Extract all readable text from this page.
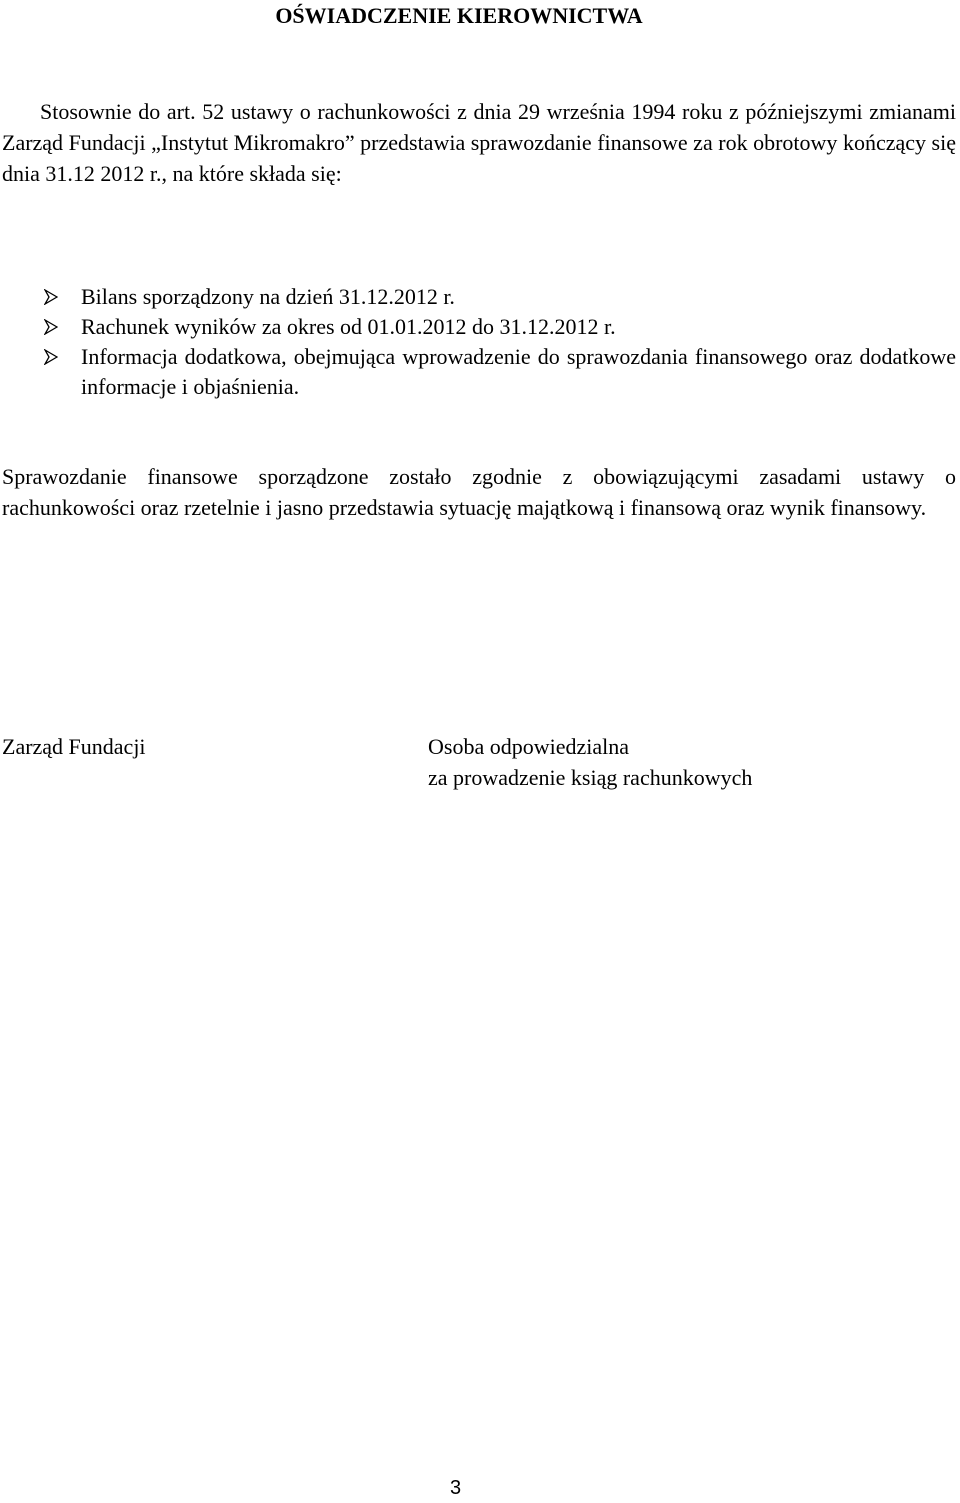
OŚWIADCZENIE KIEROWNICTWA

Stosownie do art. 52 ustawy o rachunkowości z dnia 29 września 1994 roku z późniejszymi zmianami Zarząd Fundacji „Instytut Mikromakro” przedstawia sprawozdanie finansowe za rok obrotowy kończący się dnia 31.12 2012 r., na które składa się:

Bilans sporządzony na dzień 31.12.2012 r.
Rachunek wyników za okres od 01.01.2012 do 31.12.2012 r.
Informacja dodatkowa, obejmująca wprowadzenie do sprawozdania finansowego oraz dodatkowe informacje i objaśnienia.

Sprawozdanie finansowe sporządzone zostało zgodnie z obowiązującymi zasadami ustawy o rachunkowości oraz rzetelnie i jasno przedstawia sytuację majątkową i finansową oraz wynik finansowy.

Zarząd Fundacji	Osoba odpowiedzialna
za prowadzenie ksiąg rachunkowych
3
